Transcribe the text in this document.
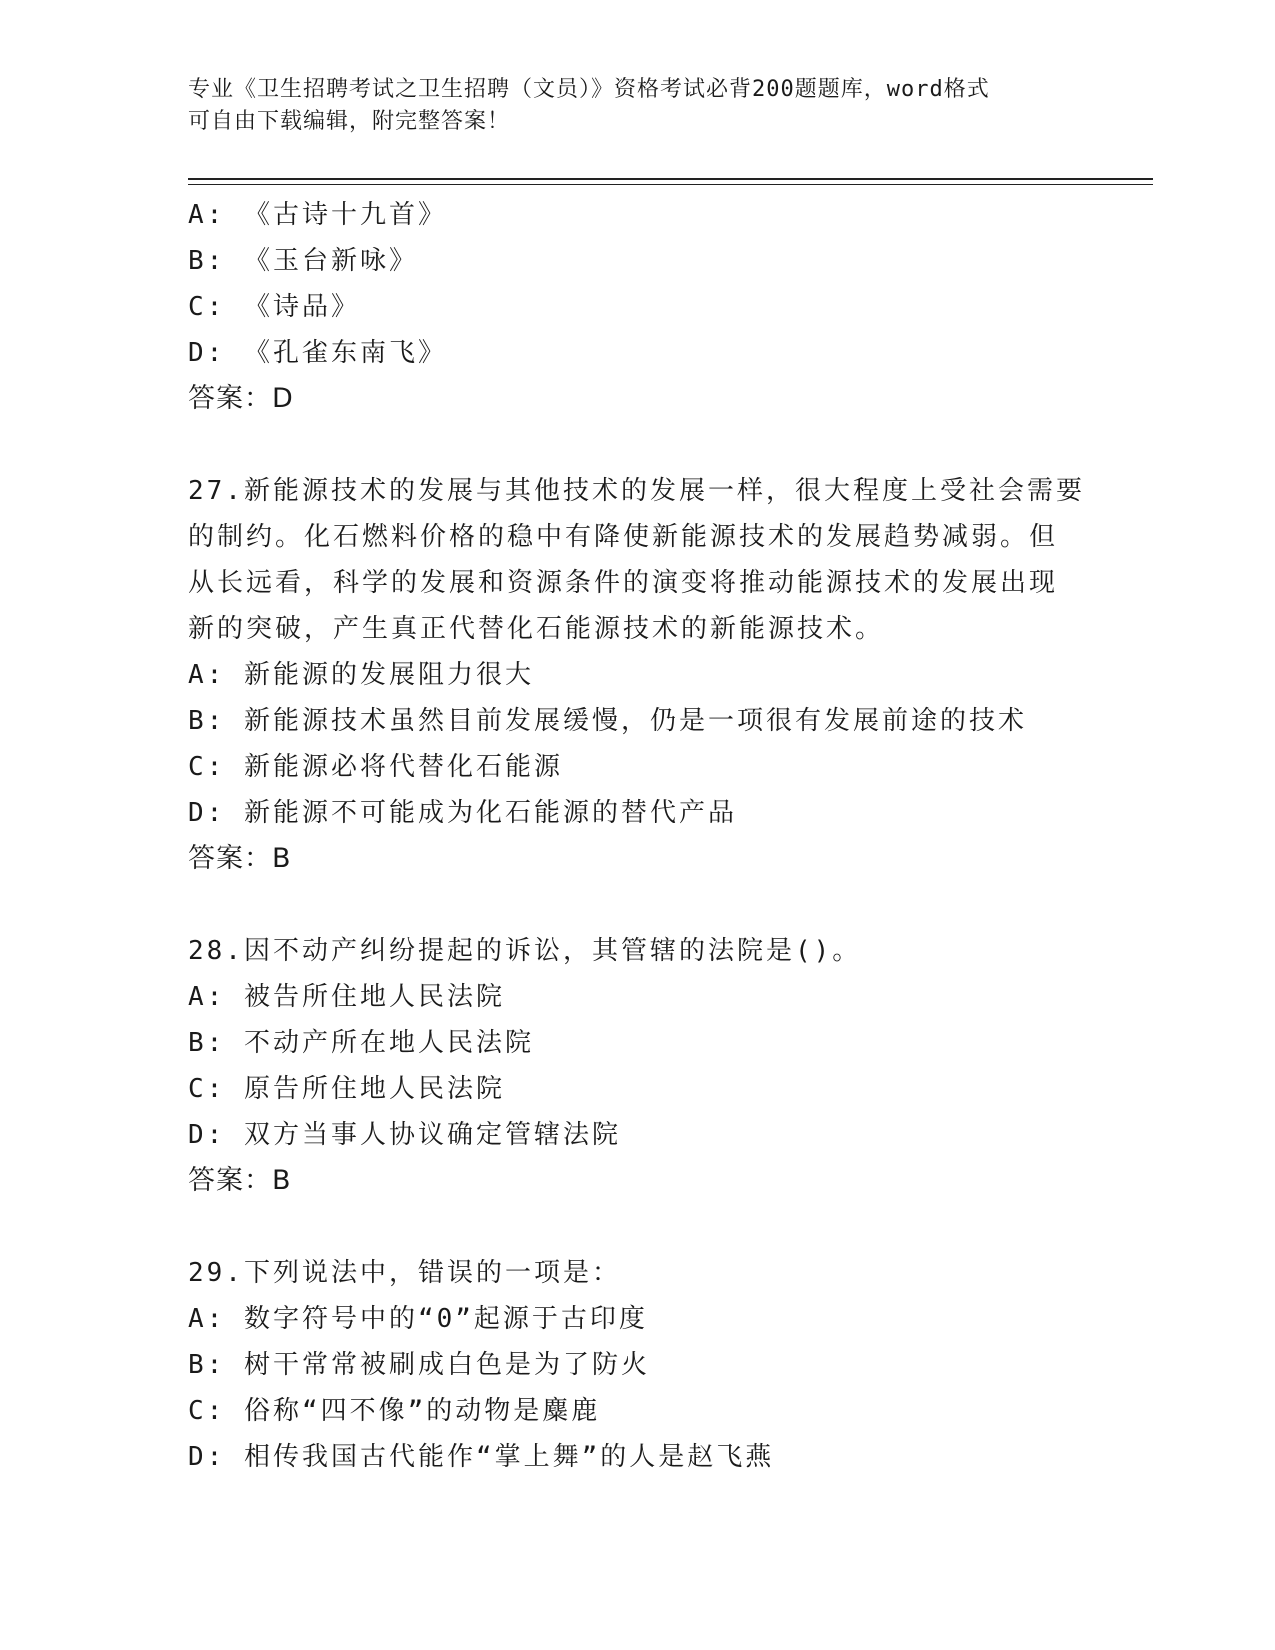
专业《卫生招聘考试之卫生招聘（文员）》资格考试必背200题题库，word格式
可自由下载编辑，附完整答案！
A: 《古诗十九首》
B: 《玉台新咏》
C: 《诗品》
D: 《孔雀东南飞》
答案：D
27.新能源技术的发展与其他技术的发展一样，很大程度上受社会需要
的制约。化石燃料价格的稳中有降使新能源技术的发展趋势减弱。但
从长远看，科学的发展和资源条件的演变将推动能源技术的发展出现
新的突破，产生真正代替化石能源技术的新能源技术。
A: 新能源的发展阻力很大
B: 新能源技术虽然目前发展缓慢，仍是一项很有发展前途的技术
C: 新能源必将代替化石能源
D: 新能源不可能成为化石能源的替代产品
答案：B
28.因不动产纠纷提起的诉讼，其管辖的法院是()。
A: 被告所住地人民法院
B: 不动产所在地人民法院
C: 原告所住地人民法院
D: 双方当事人协议确定管辖法院
答案：B
29.下列说法中，错误的一项是：
A: 数字符号中的“0”起源于古印度
B: 树干常常被刷成白色是为了防火
C: 俗称“四不像”的动物是麋鹿
D: 相传我国古代能作“掌上舞”的人是赵飞燕
